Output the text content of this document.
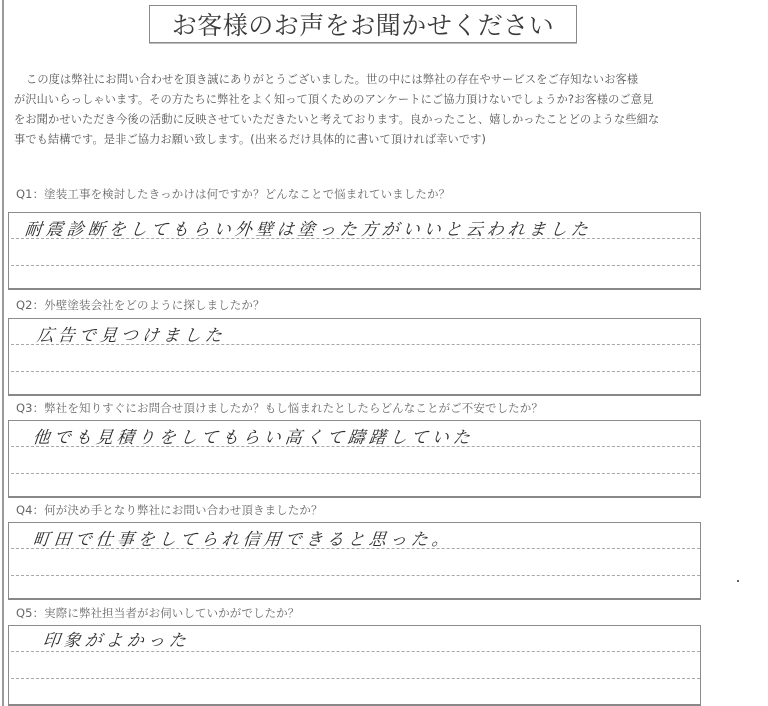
お客様のお声をお聞かせください

この度は弊社にお問い合わせを頂き誠にありがとうございました。世の中には弊社の存在やサービスをご存知ないお客様

が沢山いらっしゃいます。その方たちに弊社をよく知って頂くためのアンケートにご協力頂けないでしょうか?お客様のご意見

をお聞かせいただき今後の活動に反映させていただきたいと考えております。良かったこと、嬉しかったことどのような些細な

事でも結構です。是非ご協力お願い致します。(出来るだけ具体的に書いて頂ければ幸いです)

Q1：塗装工事を検討したきっかけは何ですか？どんなことで悩まれていましたか？
耐震診断をしてもらい外壁は塗った方がいいと云われました
Q2：外壁塗装会社をどのように探しましたか？
広告で見つけました
Q3：弊社を知りすぐにお問合せ頂けましたか？もし悩まれたとしたらどんなことがご不安でしたか？
他でも見積りをしてもらい高くて躊躇していた
Q4：何が決め手となり弊社にお問い合わせ頂きましたか？
町田で仕事をしてられ信用できると思った。
Q5：実際に弊社担当者がお伺いしていかがでしたか？
印象がよかった
